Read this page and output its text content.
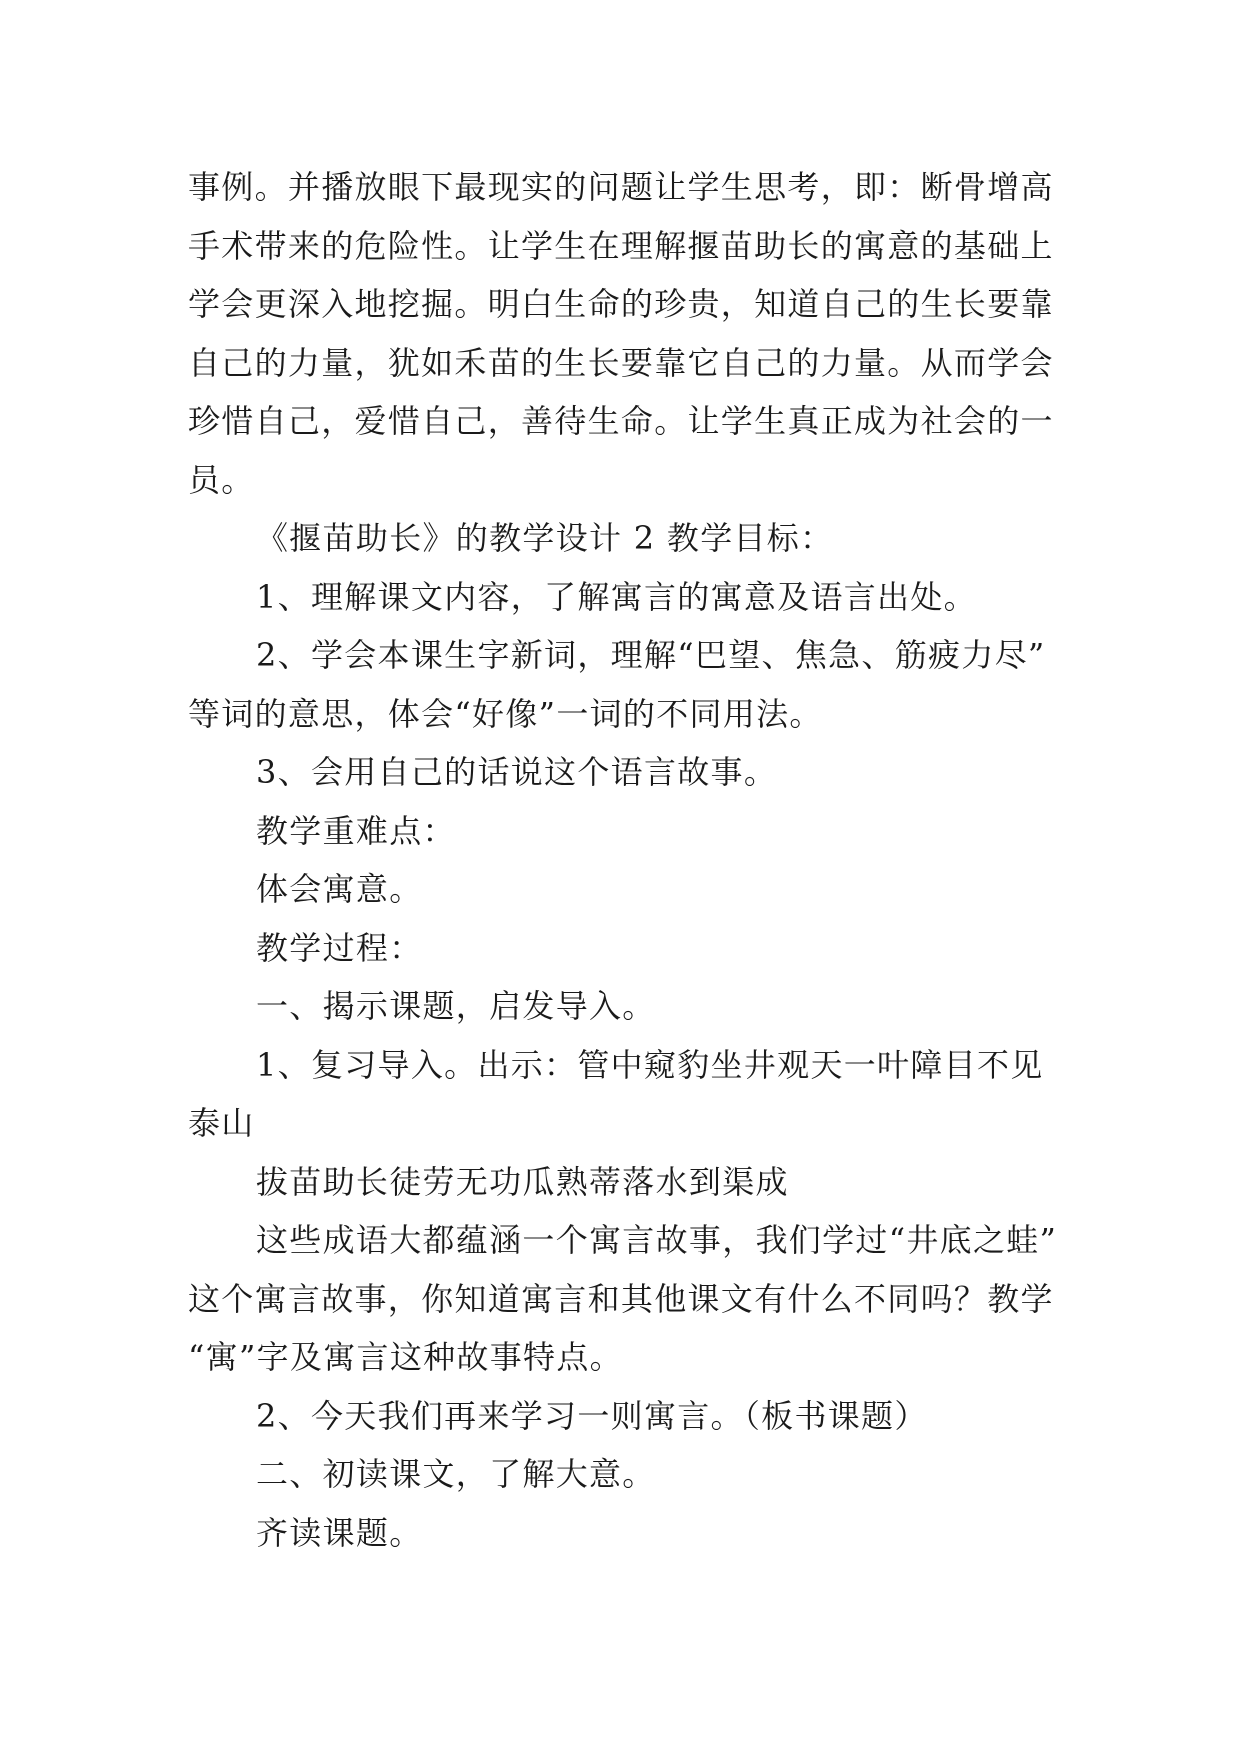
事例。并播放眼下最现实的问题让学生思考，即：断骨增高

手术带来的危险性。让学生在理解揠苗助长的寓意的基础上

学会更深入地挖掘。明白生命的珍贵，知道自己的生长要靠

自己的力量，犹如禾苗的生长要靠它自己的力量。从而学会

珍惜自己，爱惜自己，善待生命。让学生真正成为社会的一

员。

《揠苗助长》的教学设计 2 教学目标：

1、理解课文内容，了解寓言的寓意及语言出处。

2、学会本课生字新词，理解“巴望、焦急、筋疲力尽”

等词的意思，体会“好像”一词的不同用法。

3、会用自己的话说这个语言故事。

教学重难点：

体会寓意。

教学过程：

一、揭示课题，启发导入。

1、复习导入。出示：管中窥豹坐井观天一叶障目不见

泰山

拔苗助长徒劳无功瓜熟蒂落水到渠成

这些成语大都蕴涵一个寓言故事，我们学过“井底之蛙”

这个寓言故事，你知道寓言和其他课文有什么不同吗？教学

“寓”字及寓言这种故事特点。

2、今天我们再来学习一则寓言。（板书课题）

二、初读课文，了解大意。

齐读课题。
